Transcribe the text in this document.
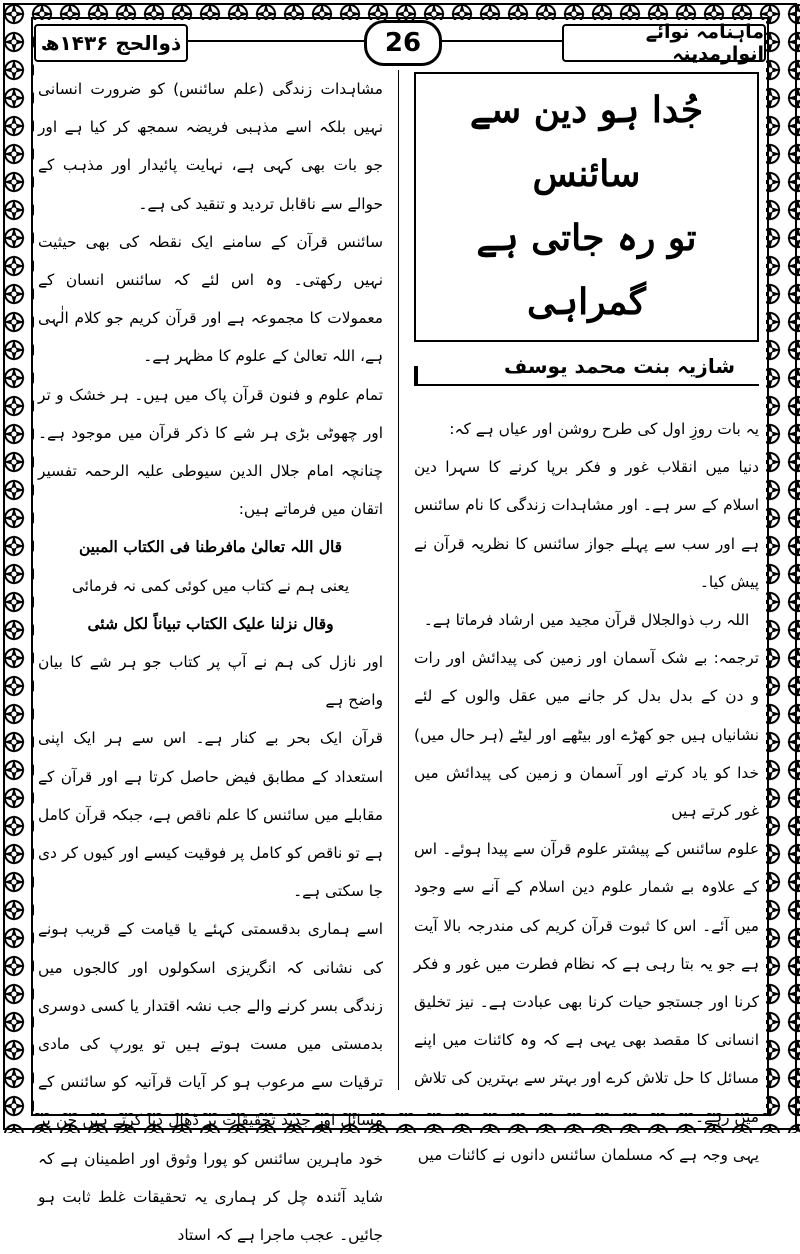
ذوالحج ۱۴۳۶ھ	26	ماہنامہ نوائے انوارمدینہ
جُدا ہو دین سے سائنس
تو رہ جاتی ہے گمراہی
شازیہ بنت محمد یوسف

یہ بات روزِ اول کی طرح روشن اور عیاں ہے کہ:

دنیا میں انقلاب غور و فکر برپا کرنے کا سہرا دین اسلام کے سر ہے۔ اور مشاہدات زندگی کا نام سائنس ہے اور سب سے پہلے جواز سائنس کا نظریہ قرآن نے پیش کیا۔

اللہ رب ذوالجلال قرآن مجید میں ارشاد فرماتا ہے۔

ترجمہ: بے شک آسمان اور زمین کی پیدائش اور رات و دن کے بدل بدل کر جانے میں عقل والوں کے لئے نشانیاں ہیں جو کھڑے اور بیٹھے اور لیٹے (ہر حال میں) خدا کو یاد کرتے اور آسمان و زمین کی پیدائش میں غور کرتے ہیں

علوم سائنس کے پیشتر علوم قرآن سے پیدا ہوئے۔ اس کے علاوہ بے شمار علوم دین اسلام کے آنے سے وجود میں آئے۔ اس کا ثبوت قرآن کریم کی مندرجہ بالا آیت ہے جو یہ بتا رہی ہے کہ نظام فطرت میں غور و فکر کرنا اور جستجو حیات کرنا بھی عبادت ہے۔ نیز تخلیق انسانی کا مقصد بھی یہی ہے کہ وہ کائنات میں اپنے مسائل کا حل تلاش کرے اور بہتر سے بہترین کی تلاش میں رہے۔

یہی وجہ ہے کہ مسلمان سائنس دانوں نے کائنات میں

مشاہدات زندگی (علم سائنس) کو ضرورت انسانی نہیں بلکہ اسے مذہبی فریضہ سمجھ کر کیا ہے اور جو بات بھی کہی ہے، نہایت پائیدار اور مذہب کے حوالے سے ناقابل تردید و تنقید کی ہے۔

سائنس قرآن کے سامنے ایک نقطہ کی بھی حیثیت نہیں رکھتی۔ وہ اس لئے کہ سائنس انسان کے معمولات کا مجموعہ ہے اور قرآن کریم جو کلام الٰہی ہے، اللہ تعالیٰ کے علوم کا مظہر ہے۔

تمام علوم و فنون قرآن پاک میں ہیں۔ ہر خشک و تر اور چھوٹی بڑی ہر شے کا ذکر قرآن میں موجود ہے۔ چنانچہ امام جلال الدین سیوطی علیہ الرحمہ تفسیر اتقان میں فرماتے ہیں:

قال اللہ تعالیٰ مافرطنا فی الکتاب المبین

یعنی ہم نے کتاب میں کوئی کمی نہ فرمائی

وقال نزلنا علیک الکتاب تبیاناً لکل شئی

اور نازل کی ہم نے آپ پر کتاب جو ہر شے کا بیان واضح ہے

قرآن ایک بحر بے کنار ہے۔ اس سے ہر ایک اپنی استعداد کے مطابق فیض حاصل کرتا ہے اور قرآن کے مقابلے میں سائنس کا علم ناقص ہے، جبکہ قرآن کامل ہے تو ناقص کو کامل پر فوقیت کیسے اور کیوں کر دی جا سکتی ہے۔

اسے ہماری بدقسمتی کہئے یا قیامت کے قریب ہونے کی نشانی کہ انگریزی اسکولوں اور کالجوں میں زندگی بسر کرنے والے جب نشہ اقتدار یا کسی دوسری بدمستی میں مست ہوتے ہیں تو یورپ کی مادی ترقیات سے مرعوب ہو کر آیات قرآنیہ کو سائنس کے مسائل اور جدید تحقیقات پر ڈھال دیا کرتے ہیں جن پر خود ماہرین سائنس کو پورا وثوق اور اطمینان ہے کہ شاید آئندہ چل کر ہماری یہ تحقیقات غلط ثابت ہو جائیں۔ عجب ماجرا ہے کہ استاد
